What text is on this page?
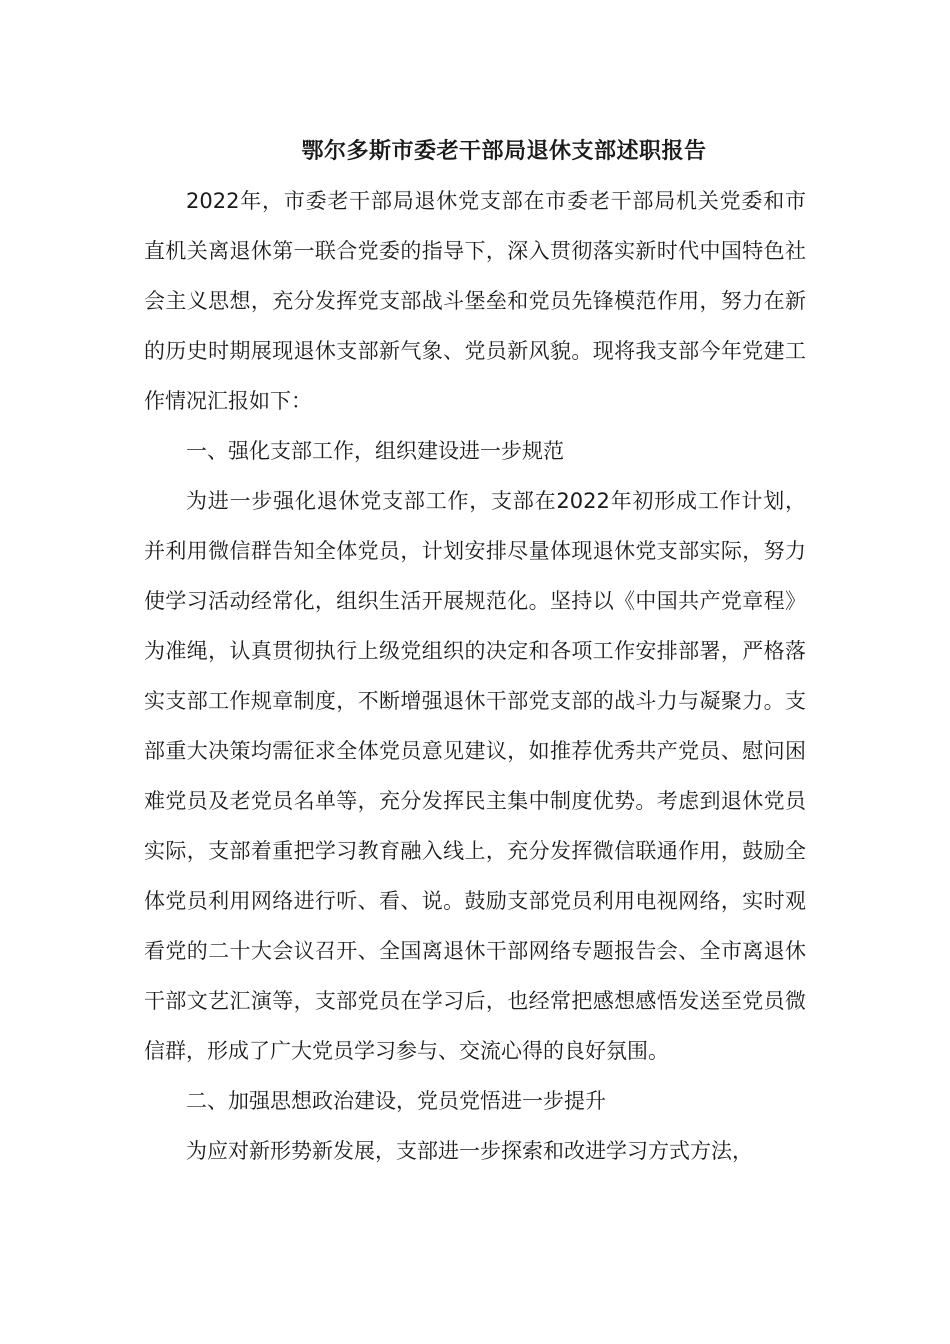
鄂尔多斯市委老干部局退休支部述职报告

2022年，市委老干部局退休党支部在市委老干部局机关党委和市直机关离退休第一联合党委的指导下，深入贯彻落实新时代中国特色社会主义思想，充分发挥党支部战斗堡垒和党员先锋模范作用，努力在新的历史时期展现退休支部新气象、党员新风貌。现将我支部今年党建工作情况汇报如下：

一、强化支部工作，组织建设进一步规范

为进一步强化退休党支部工作，支部在2022年初形成工作计划，并利用微信群告知全体党员，计划安排尽量体现退休党支部实际，努力使学习活动经常化，组织生活开展规范化。坚持以《中国共产党章程》为准绳，认真贯彻执行上级党组织的决定和各项工作安排部署，严格落实支部工作规章制度，不断增强退休干部党支部的战斗力与凝聚力。支部重大决策均需征求全体党员意见建议，如推荐优秀共产党员、慰问困难党员及老党员名单等，充分发挥民主集中制度优势。考虑到退休党员实际，支部着重把学习教育融入线上，充分发挥微信联通作用，鼓励全体党员利用网络进行听、看、说。鼓励支部党员利用电视网络，实时观看党的二十大会议召开、全国离退休干部网络专题报告会、全市离退休干部文艺汇演等，支部党员在学习后，也经常把感想感悟发送至党员微信群，形成了广大党员学习参与、交流心得的良好氛围。

二、加强思想政治建设，党员党悟进一步提升

为应对新形势新发展，支部进一步探索和改进学习方式方法，
